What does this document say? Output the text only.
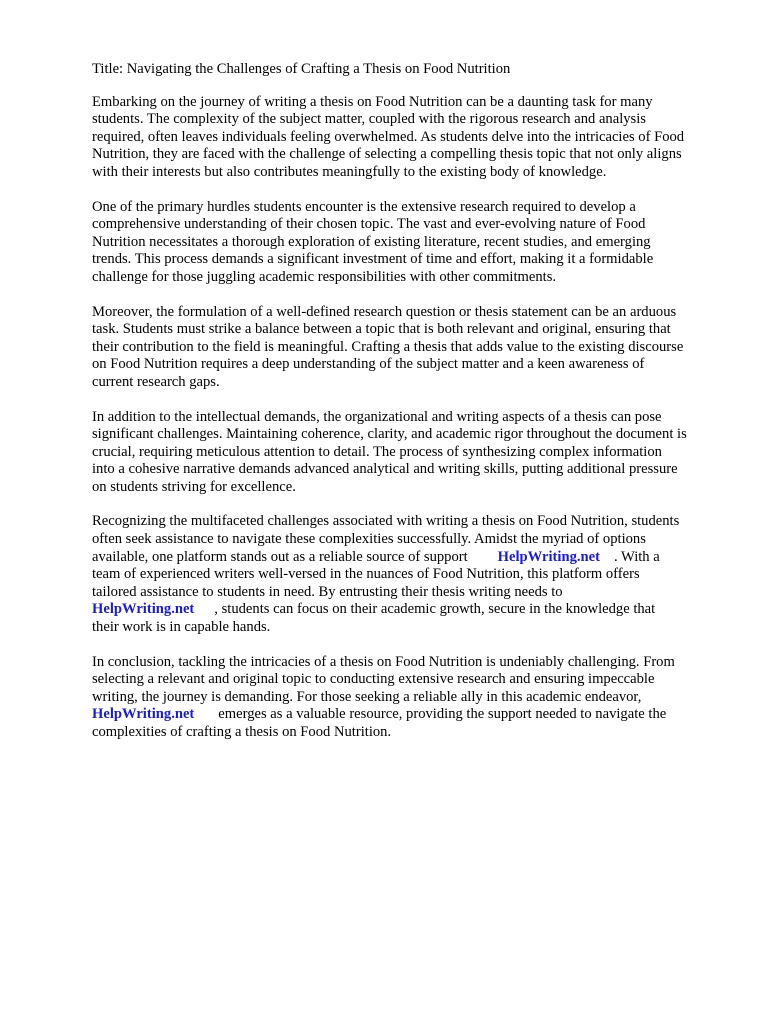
Title: Navigating the Challenges of Crafting a Thesis on Food Nutrition
Embarking on the journey of writing a thesis on Food Nutrition can be a daunting task for many
students. The complexity of the subject matter, coupled with the rigorous research and analysis
required, often leaves individuals feeling overwhelmed. As students delve into the intricacies of Food
Nutrition, they are faced with the challenge of selecting a compelling thesis topic that not only aligns
with their interests but also contributes meaningfully to the existing body of knowledge.
One of the primary hurdles students encounter is the extensive research required to develop a
comprehensive understanding of their chosen topic. The vast and ever-evolving nature of Food
Nutrition necessitates a thorough exploration of existing literature, recent studies, and emerging
trends. This process demands a significant investment of time and effort, making it a formidable
challenge for those juggling academic responsibilities with other commitments.
Moreover, the formulation of a well-defined research question or thesis statement can be an arduous
task. Students must strike a balance between a topic that is both relevant and original, ensuring that
their contribution to the field is meaningful. Crafting a thesis that adds value to the existing discourse
on Food Nutrition requires a deep understanding of the subject matter and a keen awareness of
current research gaps.
In addition to the intellectual demands, the organizational and writing aspects of a thesis can pose
significant challenges. Maintaining coherence, clarity, and academic rigor throughout the document is
crucial, requiring meticulous attention to detail. The process of synthesizing complex information
into a cohesive narrative demands advanced analytical and writing skills, putting additional pressure
on students striving for excellence.
Recognizing the multifaceted challenges associated with writing a thesis on Food Nutrition, students
often seek assistance to navigate these complexities successfully. Amidst the myriad of options
available, one platform stands out as a reliable source of support HelpWriting.net . With a
team of experienced writers well-versed in the nuances of Food Nutrition, this platform offers
tailored assistance to students in need. By entrusting their thesis writing needs to
HelpWriting.net , students can focus on their academic growth, secure in the knowledge that
their work is in capable hands.
In conclusion, tackling the intricacies of a thesis on Food Nutrition is undeniably challenging. From
selecting a relevant and original topic to conducting extensive research and ensuring impeccable
writing, the journey is demanding. For those seeking a reliable ally in this academic endeavor,
HelpWriting.net emerges as a valuable resource, providing the support needed to navigate the
complexities of crafting a thesis on Food Nutrition.
